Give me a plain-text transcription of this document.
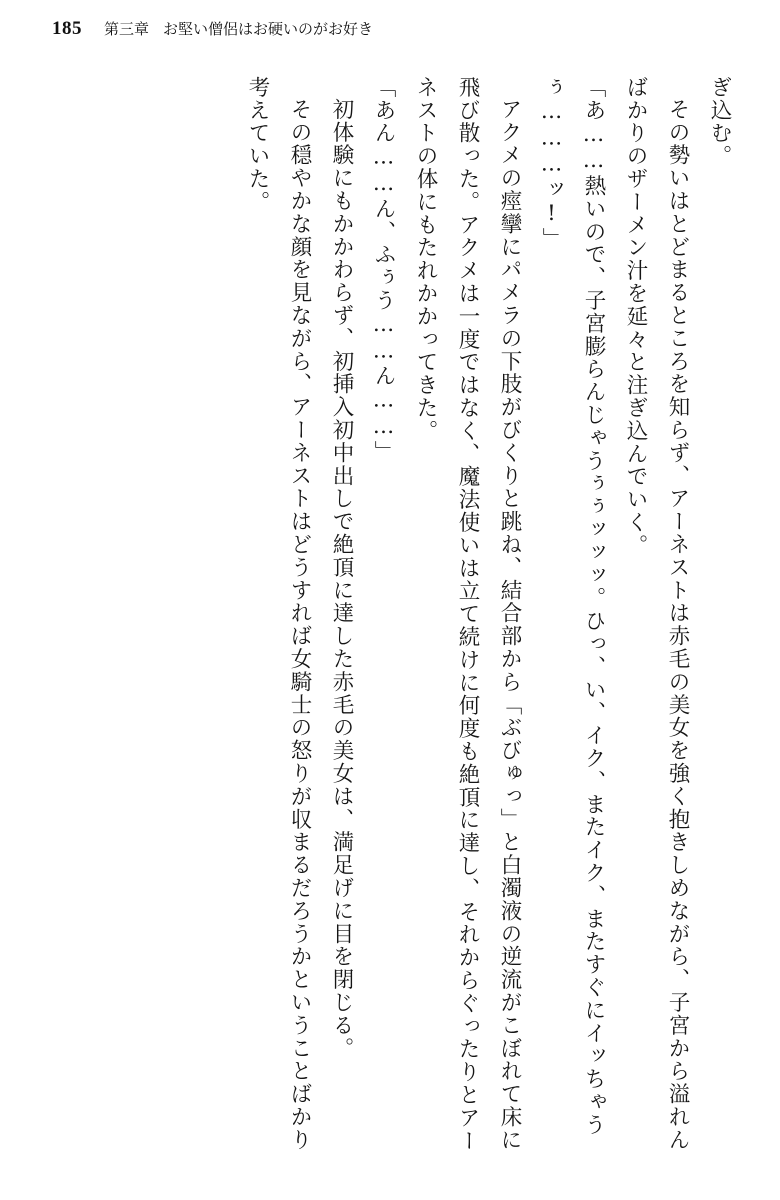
185 第三章 お堅い僧侶はお硬いのがお好き

ぎ込む。

その勢いはとどまるところを知らず、アーネストは赤毛の美女を強く抱きしめながら、子宮から溢れんばかりのザーメン汁を延々と注ぎ込んでいく。

「あ……熱いので、子宮膨らんじゃうぅぅッッッ。ひっ、い、イク、またイク、またすぐにイッちゃうぅ………ッ!」

アクメの痙攣にパメラの下肢がびくりと跳ね、結合部から「ぶびゅっ」と白濁液の逆流がこぼれて床に飛び散った。アクメは一度ではなく、魔法使いは立て続けに何度も絶頂に達し、それからぐったりとアーネストの体にもたれかかってきた。

「あん……ん、ふぅう……ん……」

初体験にもかかわらず、初挿入初中出しで絶頂に達した赤毛の美女は、満足げに目を閉じる。

その穏やかな顔を見ながら、アーネストはどうすれば女騎士の怒りが収まるだろうかということばかり考えていた。
